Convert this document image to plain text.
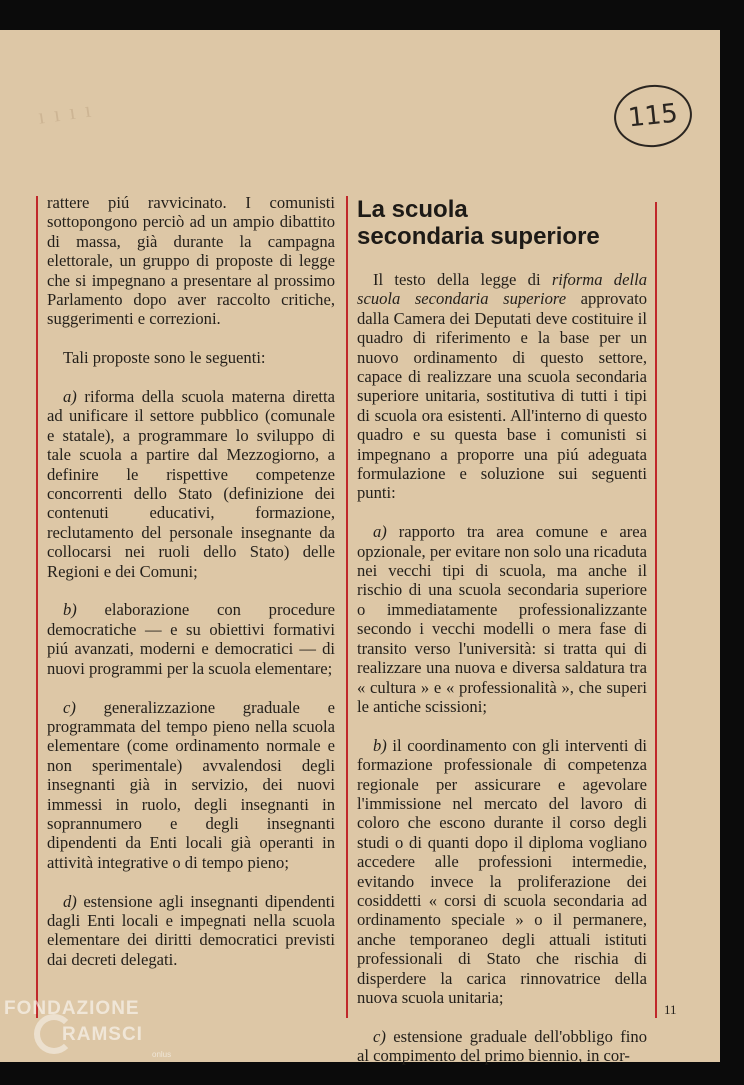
ı ı ı ı	115

rattere piú ravvicinato. I comunisti sottopongono perciò ad un ampio dibattito di massa, già durante la campagna elettorale, un gruppo di proposte di legge che si impegnano a presentare al prossimo Parlamento dopo aver raccolto critiche, suggerimenti e correzioni.

Tali proposte sono le seguenti:

a) riforma della scuola materna diretta ad unificare il settore pubblico (comunale e statale), a programmare lo sviluppo di tale scuola a partire dal Mezzogiorno, a definire le rispettive competenze concorrenti dello Stato (definizione dei contenuti educativi, formazione, reclutamento del personale insegnante da collocarsi nei ruoli dello Stato) delle Regioni e dei Comuni;

b) elaborazione con procedure democratiche — e su obiettivi formativi piú avanzati, moderni e democratici — di nuovi programmi per la scuola elementare;

c) generalizzazione graduale e programmata del tempo pieno nella scuola elementare (come ordinamento normale e non sperimentale) avvalendosi degli insegnanti già in servizio, dei nuovi immessi in ruolo, degli insegnanti in soprannumero e degli insegnanti dipendenti da Enti locali già operanti in attività integrative o di tempo pieno;

d) estensione agli insegnanti dipendenti dagli Enti locali e impegnati nella scuola elementare dei diritti democratici previsti dai decreti delegati.

La scuola
secondaria superiore

Il testo della legge di riforma della scuola secondaria superiore approvato dalla Camera dei Deputati deve costituire il quadro di riferimento e la base per un nuovo ordinamento di questo settore, capace di realizzare una scuola secondaria superiore unitaria, sostitutiva di tutti i tipi di scuola ora esistenti. All'interno di questo quadro e su questa base i comunisti si impegnano a proporre una piú adeguata formulazione e soluzione sui seguenti punti:

a) rapporto tra area comune e area opzionale, per evitare non solo una ricaduta nei vecchi tipi di scuola, ma anche il rischio di una scuola secondaria superiore o immediatamente professionalizzante secondo i vecchi modelli o mera fase di transito verso l'università: si tratta qui di realizzare una nuova e diversa saldatura tra « cultura » e « professionalità », che superi le antiche scissioni;

b) il coordinamento con gli interventi di formazione professionale di competenza regionale per assicurare e agevolare l'immissione nel mercato del lavoro di coloro che escono durante il corso degli studi o di quanti dopo il diploma vogliano accedere alle professioni intermedie, evitando invece la proliferazione dei cosiddetti « corsi di scuola secondaria ad ordinamento speciale » o il permanere, anche temporaneo degli attuali istituti professionali di Stato che rischia di disperdere la carica rinnovatrice della nuova scuola unitaria;

c) estensione graduale dell'obbligo fino al compimento del primo biennio, in cor-

11
FONDAZIONE
RAMSCI
onlus
